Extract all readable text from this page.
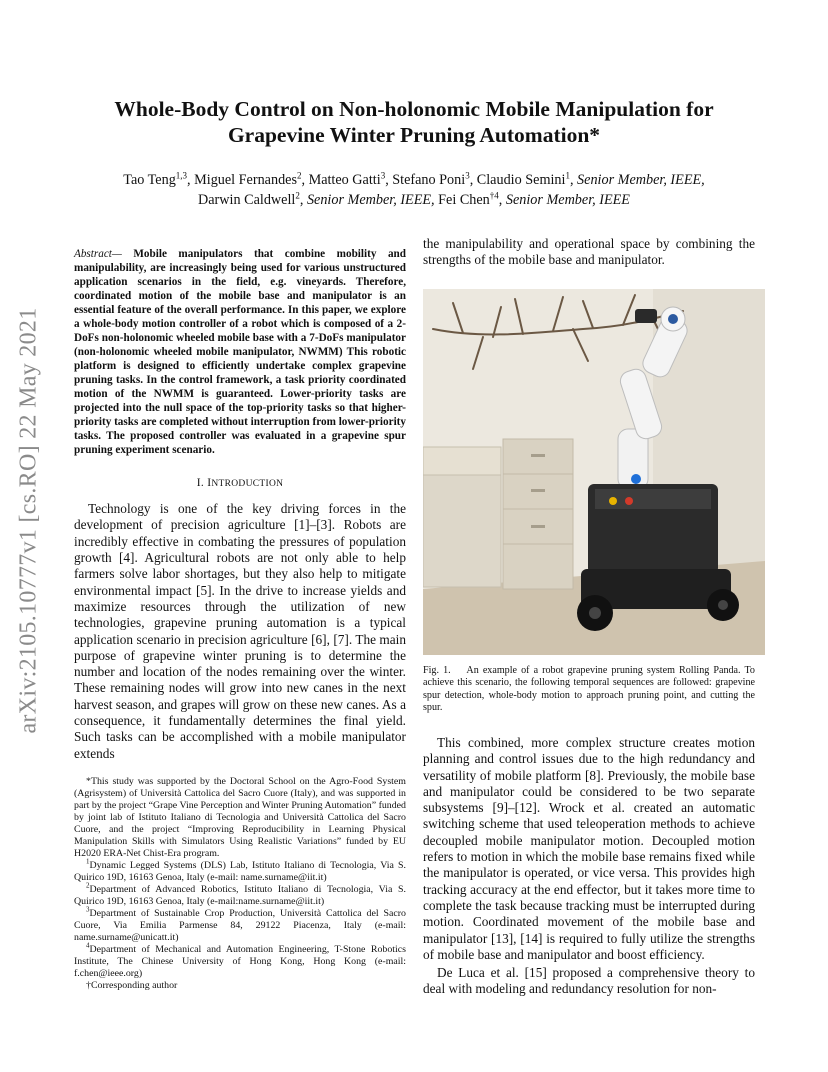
arXiv:2105.10777v1 [cs.RO] 22 May 2021
Whole-Body Control on Non-holonomic Mobile Manipulation for
Grapevine Winter Pruning Automation*
Tao Teng$^{1,3}$, Miguel Fernandes$^2$, Matteo Gatti$^3$, Stefano Poni$^3$, Claudio Semini$^1$, Senior Member, IEEE,
Darwin Caldwell$^2$, Senior Member, IEEE, Fei Chen$^{\dagger 4}$, Senior Member, IEEE

Abstract— Mobile manipulators that combine mobility and manipulability, are increasingly being used for various unstructured application scenarios in the field, e.g. vineyards. Therefore, coordinated motion of the mobile base and manipulator is an essential feature of the overall performance. In this paper, we explore a whole-body motion controller of a robot which is composed of a 2-DoFs non-holonomic wheeled mobile base with a 7-DoFs manipulator (non-holonomic wheeled mobile manipulator, NWMM) This robotic platform is designed to efficiently undertake complex grapevine pruning tasks. In the control framework, a task priority coordinated motion of the NWMM is guaranteed. Lower-priority tasks are projected into the null space of the top-priority tasks so that higher-priority tasks are completed without interruption from lower-priority tasks. The proposed controller was evaluated in a grapevine spur pruning experiment scenario.

I. INTRODUCTION

Technology is one of the key driving forces in the development of precision agriculture [1]–[3]. Robots are incredibly effective in combating the pressures of population growth [4]. Agricultural robots are not only able to help farmers solve labor shortages, but they also help to mitigate environmental impact [5]. In the drive to increase yields and maximize resources through the utilization of new technologies, grapevine pruning automation is a typical application scenario in precision agriculture [6], [7]. The main purpose of grapevine winter pruning is to determine the number and location of the nodes remaining over the winter. These remaining nodes will grow into new canes in the next harvest season, and grapes will grow on these new canes. As a consequence, it fundamentally determines the final yield. Such tasks can be accomplished with a mobile manipulator extends

*This study was supported by the Doctoral School on the Agro-Food System (Agrisystem) of Università Cattolica del Sacro Cuore (Italy), and was supported in part by the project “Grape Vine Perception and Winter Pruning Automation” funded by joint lab of Istituto Italiano di Tecnologia and Università Cattolica del Sacro Cuore, and the project “Improving Reproducibility in Learning Physical Manipulation Skills with Simulators Using Realistic Variations” funded by EU H2020 ERA-Net Chist-Era program.

$^1$Dynamic Legged Systems (DLS) Lab, Istituto Italiano di Tecnologia, Via S. Quirico 19D, 16163 Genoa, Italy (e-mail: name.surname@iit.it)

$^2$Department of Advanced Robotics, Istituto Italiano di Tecnologia, Via S. Quirico 19D, 16163 Genoa, Italy (e-mail:name.surname@iit.it)

$^3$Department of Sustainable Crop Production, Università Cattolica del Sacro Cuore, Via Emilia Parmense 84, 29122 Piacenza, Italy (e-mail: name.surname@unicatt.it)

$^4$Department of Mechanical and Automation Engineering, T-Stone Robotics Institute, The Chinese University of Hong Kong, Hong Kong (e-mail: f.chen@ieee.org)

†Corresponding author

the manipulability and operational space by combining the strengths of the mobile base and manipulator.

Fig. 1. An example of a robot grapevine pruning system Rolling Panda. To achieve this scenario, the following temporal sequences are followed: grapevine spur detection, whole-body motion to approach pruning point, and cutting the spur.

This combined, more complex structure creates motion planning and control issues due to the high redundancy and versatility of mobile platform [8]. Previously, the mobile base and manipulator could be considered to be two separate subsystems [9]–[12]. Wrock et al. created an automatic switching scheme that used teleoperation methods to achieve decoupled mobile manipulator motion. Decoupled motion refers to motion in which the mobile base remains fixed while the manipulator is operated, or vice versa. This provides high tracking accuracy at the end effector, but it takes more time to complete the task because tracking must be interrupted during motion. Coordinated movement of the mobile base and manipulator [13], [14] is required to fully utilize the strengths of mobile base and manipulator and boost efficiency.

De Luca et al. [15] proposed a comprehensive theory to deal with modeling and redundancy resolution for non-
